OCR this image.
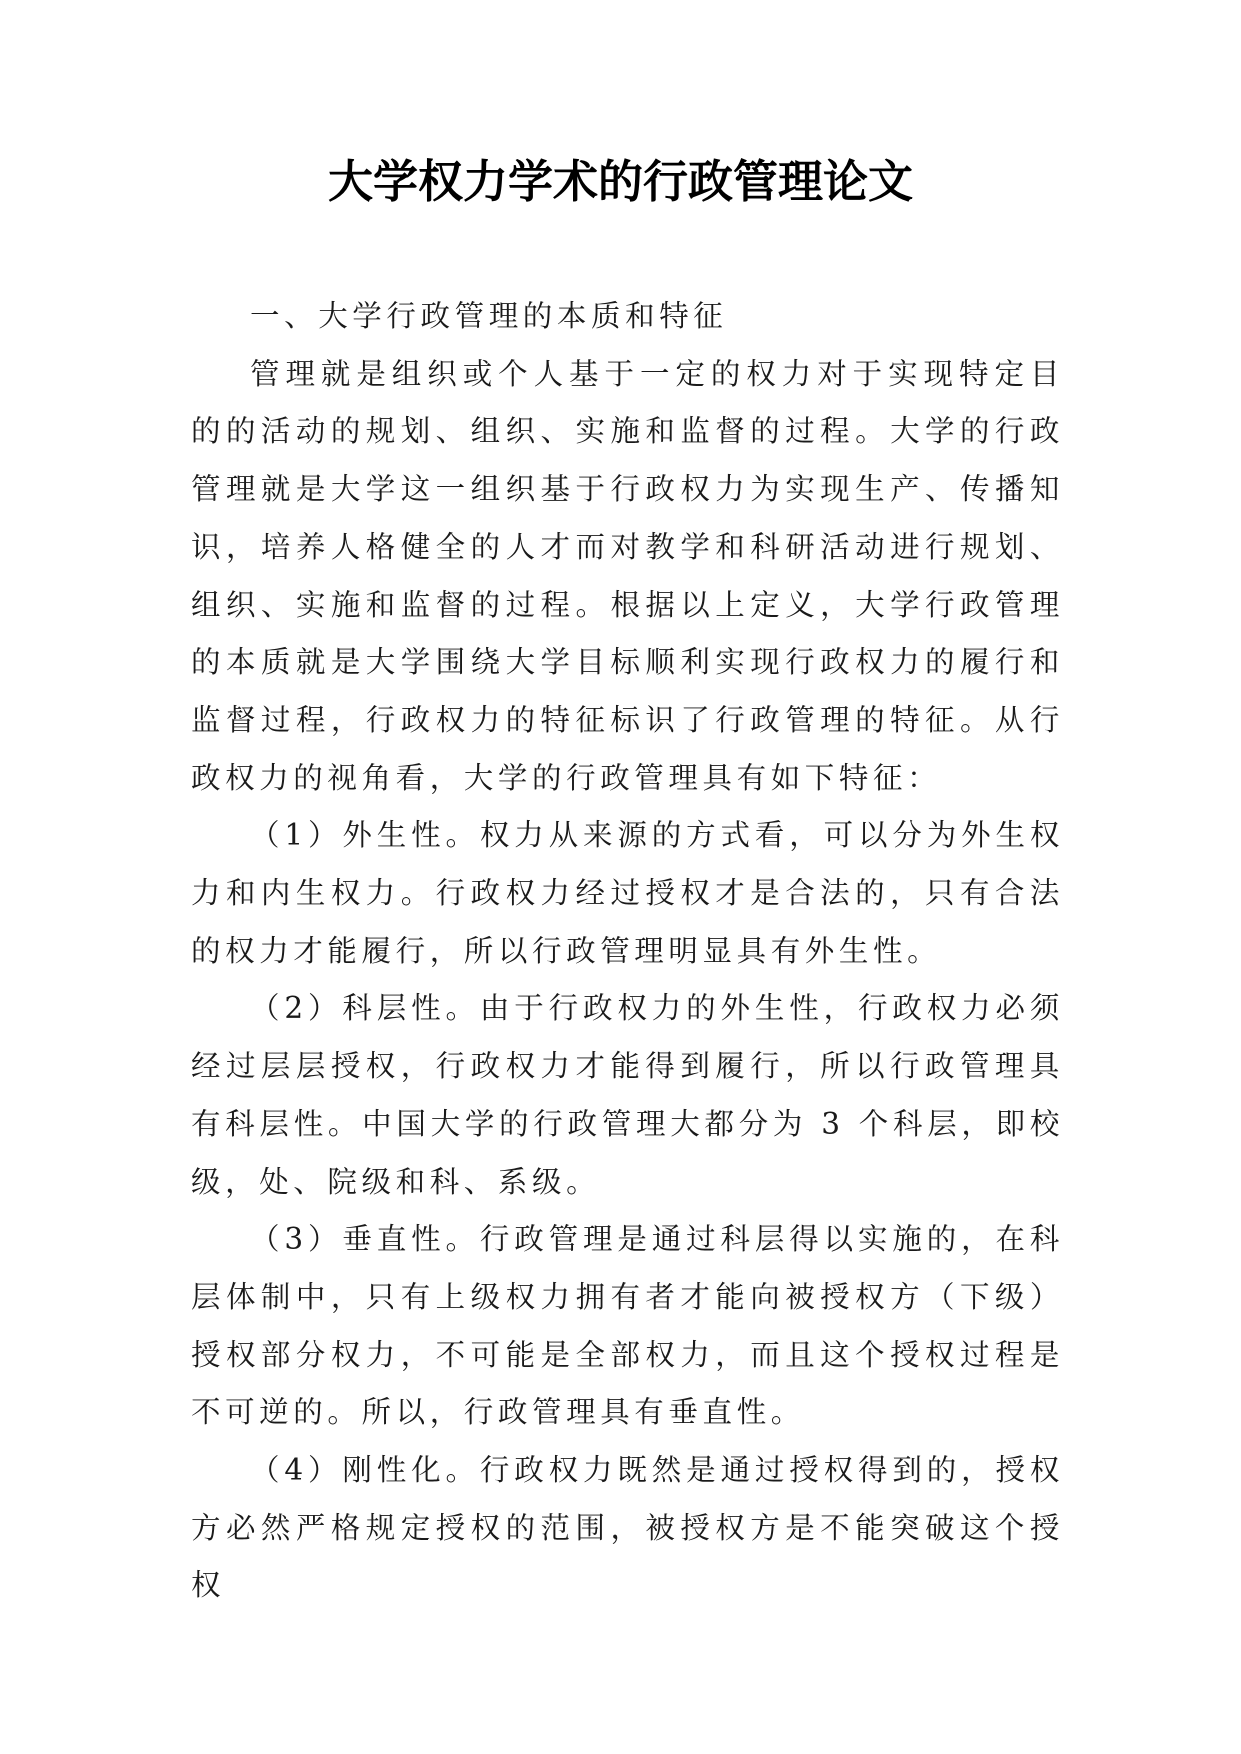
大学权力学术的行政管理论文

一、大学行政管理的本质和特征

管理就是组织或个人基于一定的权力对于实现特定目的的活动的规划、组织、实施和监督的过程。大学的行政管理就是大学这一组织基于行政权力为实现生产、传播知识，培养人格健全的人才而对教学和科研活动进行规划、组织、实施和监督的过程。根据以上定义，大学行政管理的本质就是大学围绕大学目标顺利实现行政权力的履行和监督过程，行政权力的特征标识了行政管理的特征。从行政权力的视角看，大学的行政管理具有如下特征：

（1）外生性。权力从来源的方式看，可以分为外生权力和内生权力。行政权力经过授权才是合法的，只有合法的权力才能履行，所以行政管理明显具有外生性。

（2）科层性。由于行政权力的外生性，行政权力必须经过层层授权，行政权力才能得到履行，所以行政管理具有科层性。中国大学的行政管理大都分为 3 个科层，即校级，处、院级和科、系级。

（3）垂直性。行政管理是通过科层得以实施的，在科层体制中，只有上级权力拥有者才能向被授权方（下级）授权部分权力，不可能是全部权力，而且这个授权过程是不可逆的。所以，行政管理具有垂直性。

（4）刚性化。行政权力既然是通过授权得到的，授权方必然严格规定授权的范围，被授权方是不能突破这个授权
